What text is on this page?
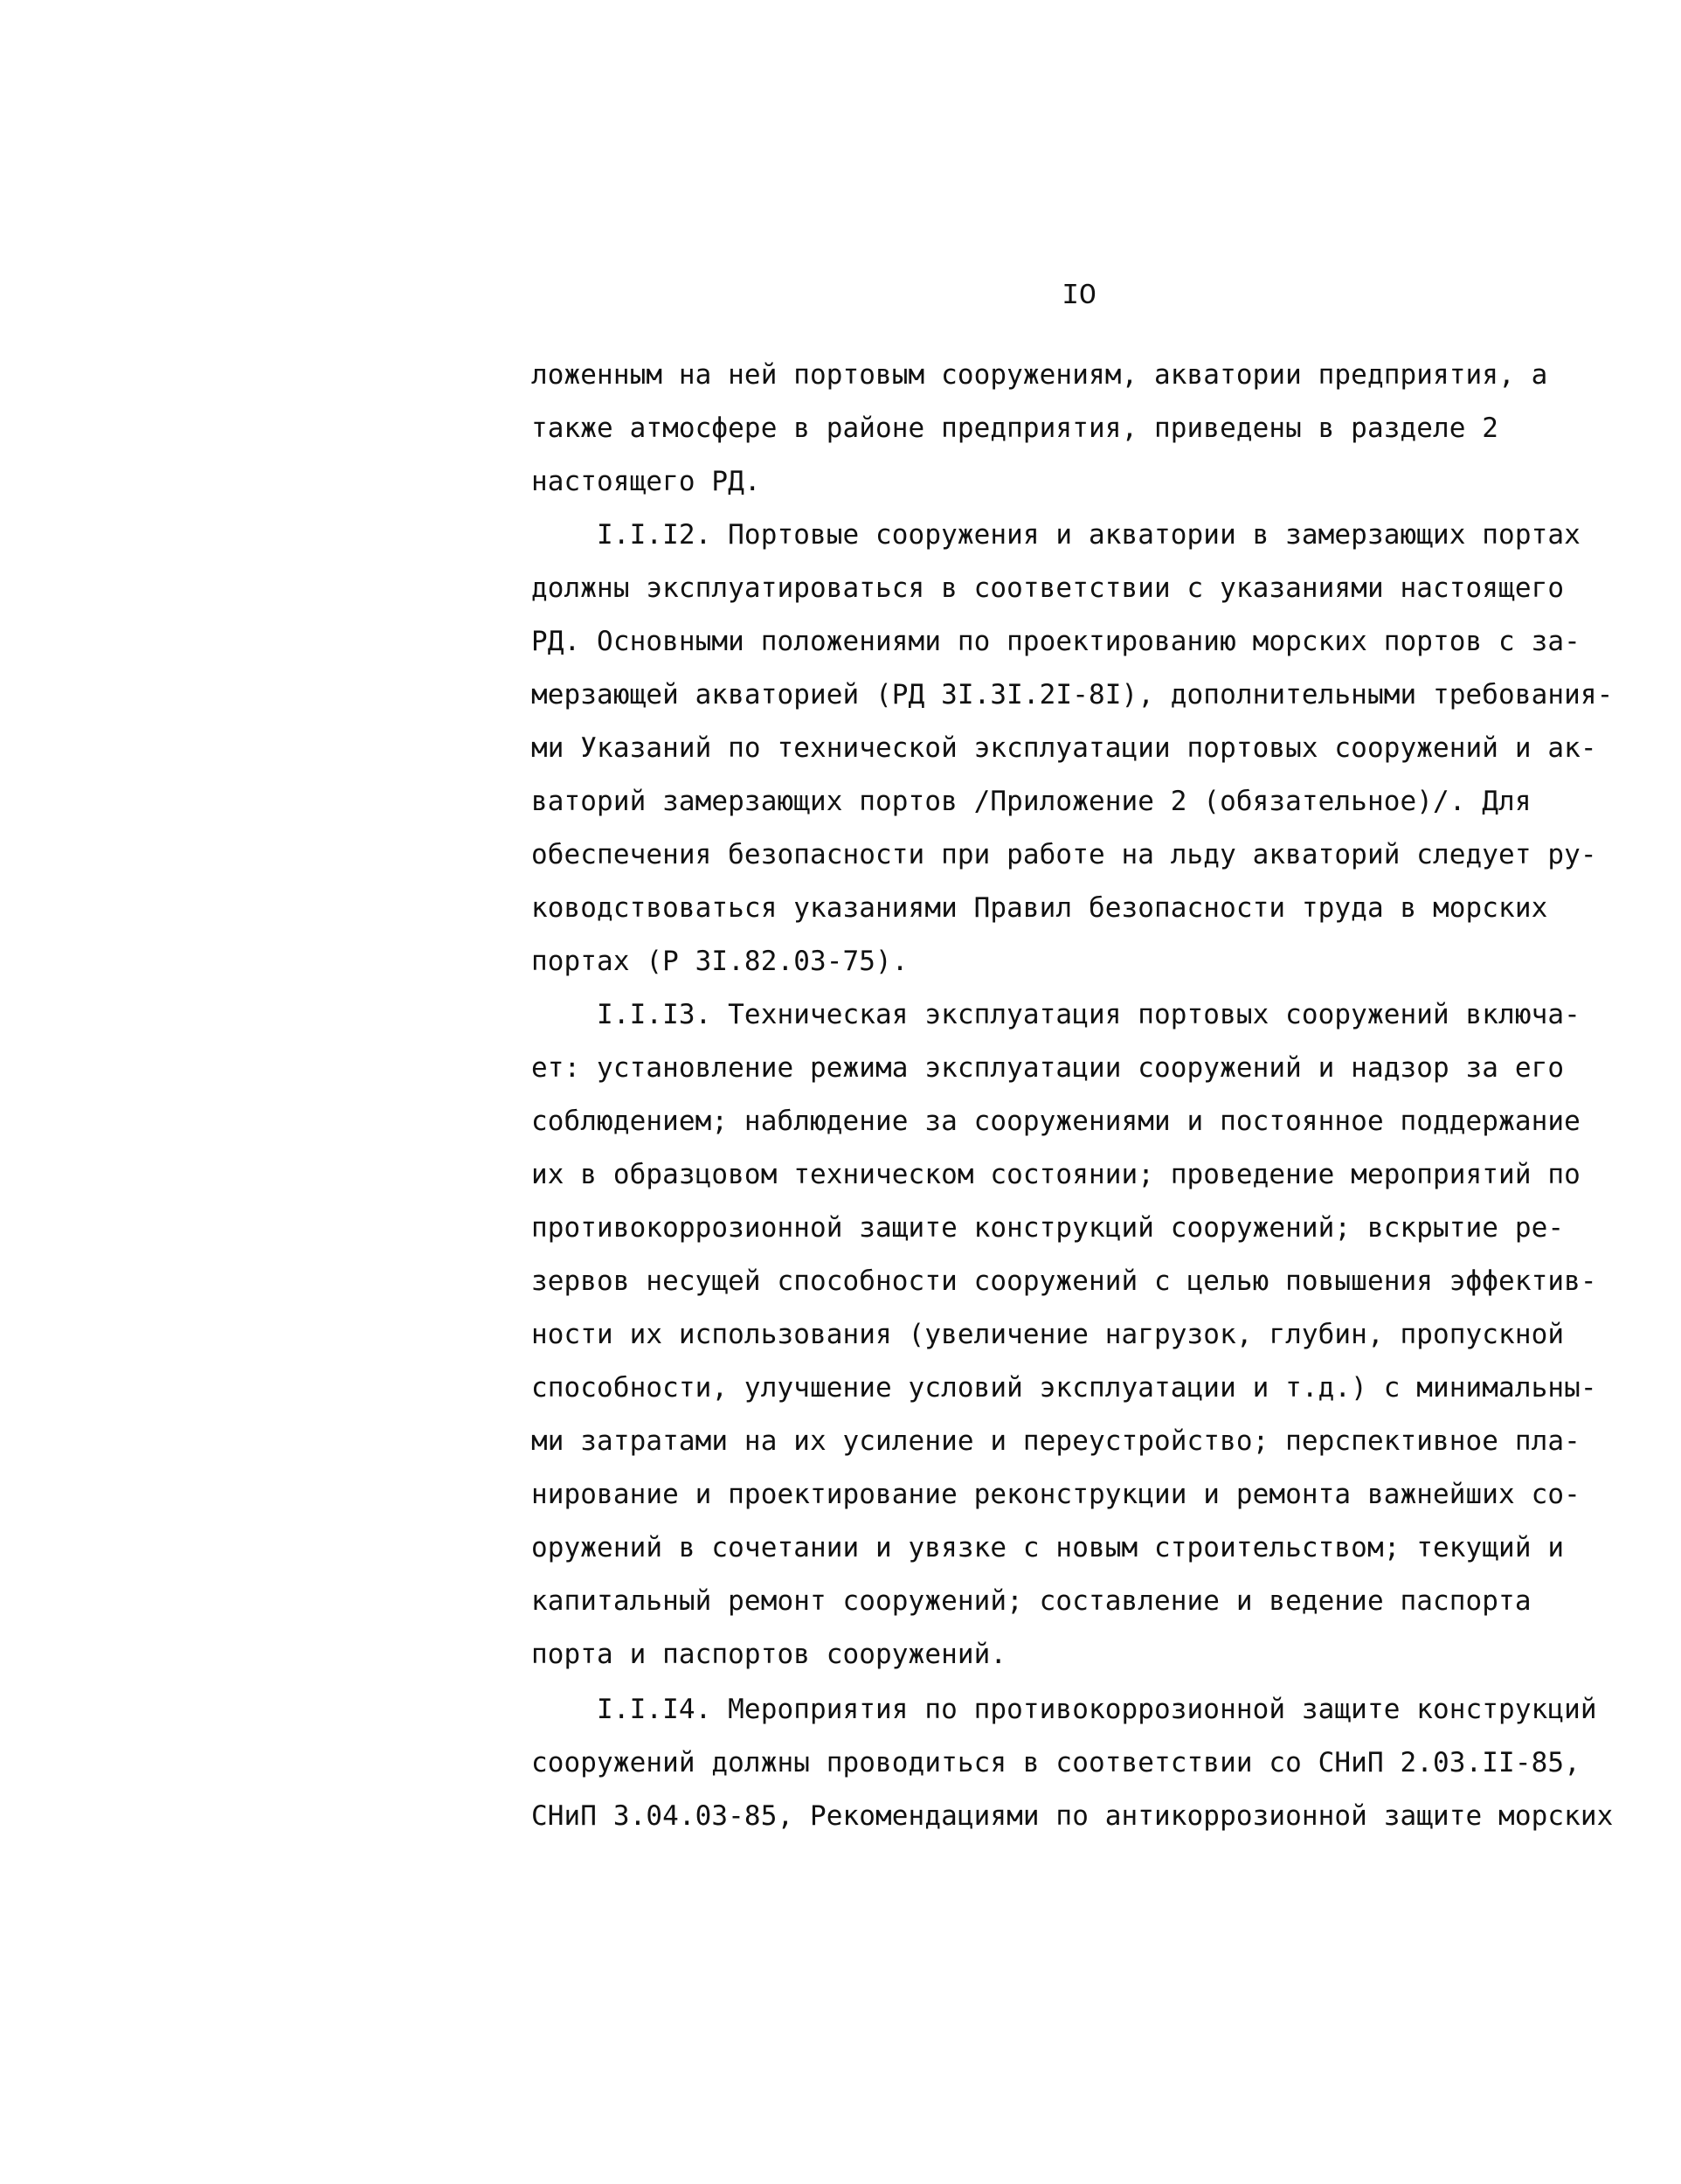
IO
ложенным на ней портовым сооружениям, акватории предприятия, а
также атмосфере в районе предприятия, приведены в разделе 2
настоящего РД.
I.I.I2. Портовые сооружения и акватории в замерзающих портах
должны эксплуатироваться в соответствии с указаниями настоящего
РД. Основными положениями по проектированию морских портов с за-
мерзающей акваторией (РД 3I.3I.2I-8I), дополнительными требования-
ми Указаний по технической эксплуатации портовых сооружений и ак-
ваторий замерзающих портов /Приложение 2 (обязательное)/. Для
обеспечения безопасности при работе на льду акваторий следует ру-
ководствоваться указаниями Правил безопасности труда в морских
портах (Р 3I.82.03-75).
I.I.I3. Техническая эксплуатация портовых сооружений включа-
ет: установление режима эксплуатации сооружений и надзор за его
соблюдением; наблюдение за сооружениями и постоянное поддержание
их в образцовом техническом состоянии; проведение мероприятий по
противокоррозионной защите конструкций сооружений; вскрытие ре-
зервов несущей способности сооружений с целью повышения эффектив-
ности их использования (увеличение нагрузок, глубин, пропускной
способности, улучшение условий эксплуатации и т.д.) с минимальны-
ми затратами на их усиление и переустройство; перспективное пла-
нирование и проектирование реконструкции и ремонта важнейших со-
оружений в сочетании и увязке с новым строительством; текущий и
капитальный ремонт сооружений; составление и ведение паспорта
порта и паспортов сооружений.
I.I.I4. Мероприятия по противокоррозионной защите конструкций
сооружений должны проводиться в соответствии со СНиП 2.03.II-85,
СНиП 3.04.03-85, Рекомендациями по антикоррозионной защите морских
